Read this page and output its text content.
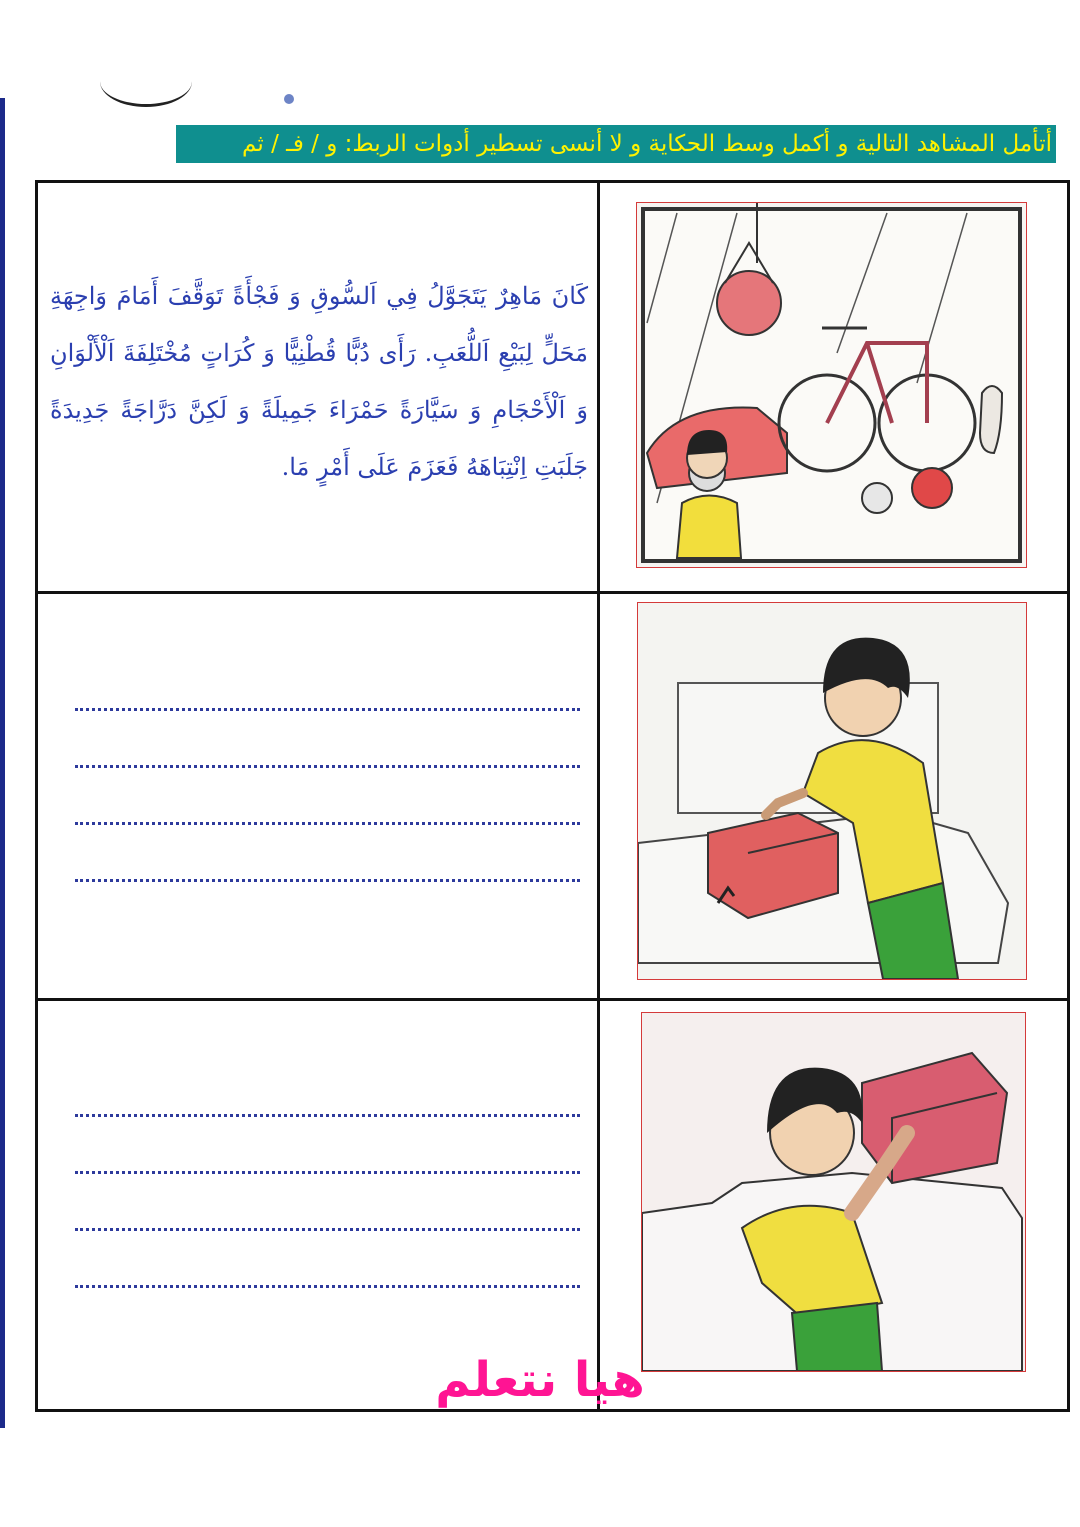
أتأمل المشاهد التالية و أكمل وسط الحكاية و لا أنسى تسطير أدوات الربط: و / فـ / ثم

كَانَ مَاهِرٌ يَتَجَوَّلُ فِي اَلسُّوقِ وَ فَجْأَةً تَوَقَّفَ أَمَامَ وَاجِهَةِ مَحَلٍّ لِبَيْعِ اَللُّعَبِ. رَأَى دُبًّا قُطْنِيًّا وَ كُرَاتٍ مُخْتَلِفَةَ اَلْأَلْوَانِ وَ اَلْأَحْجَامِ وَ سَيَّارَةً حَمْرَاءَ جَمِيلَةً وَ لَكِنَّ دَرَّاجَةً جَدِيدَةً جَلَبَتِ اِنْتِبَاهَهُ فَعَزَمَ عَلَى أَمْرٍ مَا.

هيا نتعلم
